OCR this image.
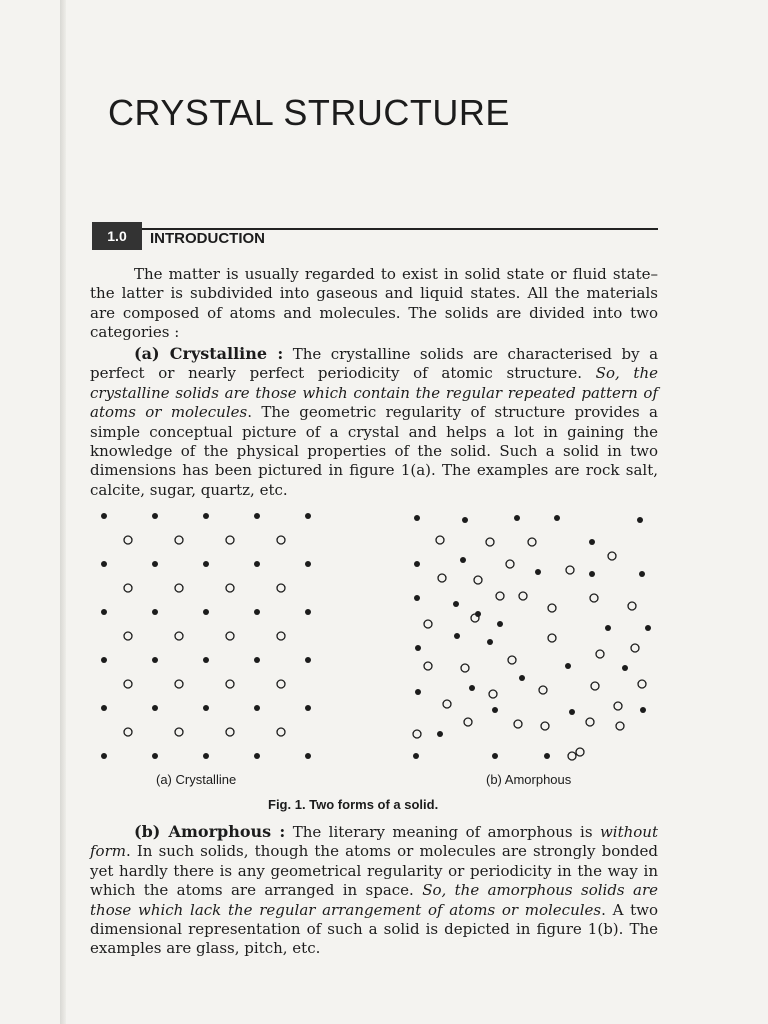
CRYSTAL STRUCTURE
1.0	INTRODUCTION

The matter is usually regarded to exist in solid state or fluid state–the latter is subdivided into gaseous and liquid states. All the materials are composed of atoms and molecules. The solids are divided into two categories :

(a) Crystalline : The crystalline solids are characterised by a perfect or nearly perfect periodicity of atomic structure. So, the crystalline solids are those which contain the regular repeated pattern of atoms or molecules. The geometric regularity of structure provides a simple conceptual picture of a crystal and helps a lot in gaining the knowledge of the physical properties of the solid. Such a solid in two dimensions has been pictured in figure 1(a). The examples are rock salt, calcite, sugar, quartz, etc.

(a) Crystalline	(b) Amorphous
Fig. 1. Two forms of a solid.

(b) Amorphous : The literary meaning of amorphous is without form. In such solids, though the atoms or molecules are strongly bonded yet hardly there is any geometrical regularity or periodicity in the way in which the atoms are arranged in space. So, the amorphous solids are those which lack the regular arrangement of atoms or molecules. A two dimensional representation of such a solid is depicted in figure 1(b). The examples are glass, pitch, etc.
